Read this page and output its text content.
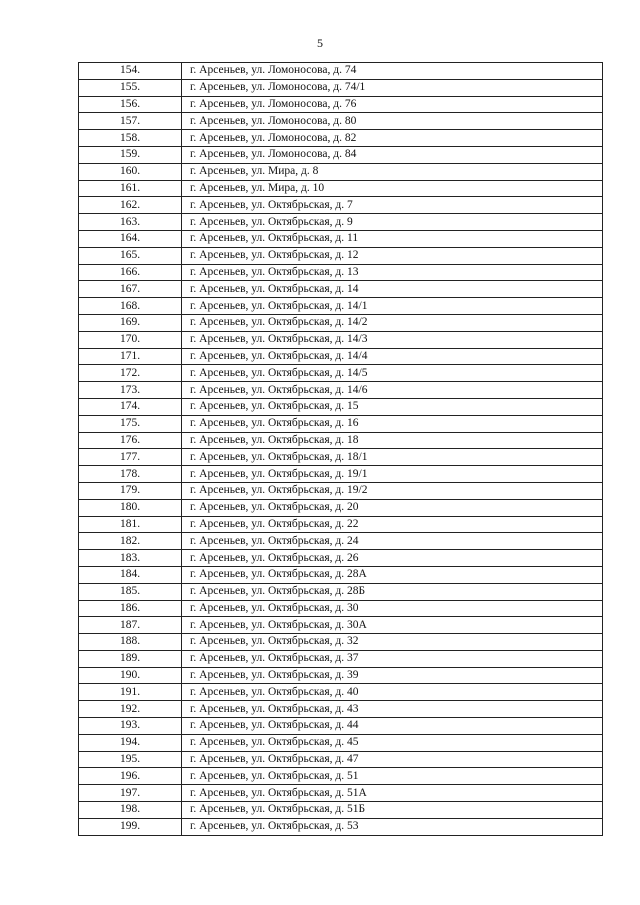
5
154.	г. Арсеньев, ул. Ломоносова, д. 74
155.	г. Арсеньев, ул. Ломоносова, д. 74/1
156.	г. Арсеньев, ул. Ломоносова, д. 76
157.	г. Арсеньев, ул. Ломоносова, д. 80
158.	г. Арсеньев, ул. Ломоносова, д. 82
159.	г. Арсеньев, ул. Ломоносова, д. 84
160.	г. Арсеньев, ул. Мира, д. 8
161.	г. Арсеньев, ул. Мира, д. 10
162.	г. Арсеньев, ул. Октябрьская, д. 7
163.	г. Арсеньев, ул. Октябрьская, д. 9
164.	г. Арсеньев, ул. Октябрьская, д. 11
165.	г. Арсеньев, ул. Октябрьская, д. 12
166.	г. Арсеньев, ул. Октябрьская, д. 13
167.	г. Арсеньев, ул. Октябрьская, д. 14
168.	г. Арсеньев, ул. Октябрьская, д. 14/1
169.	г. Арсеньев, ул. Октябрьская, д. 14/2
170.	г. Арсеньев, ул. Октябрьская, д. 14/3
171.	г. Арсеньев, ул. Октябрьская, д. 14/4
172.	г. Арсеньев, ул. Октябрьская, д. 14/5
173.	г. Арсеньев, ул. Октябрьская, д. 14/6
174.	г. Арсеньев, ул. Октябрьская, д. 15
175.	г. Арсеньев, ул. Октябрьская, д. 16
176.	г. Арсеньев, ул. Октябрьская, д. 18
177.	г. Арсеньев, ул. Октябрьская, д. 18/1
178.	г. Арсеньев, ул. Октябрьская, д. 19/1
179.	г. Арсеньев, ул. Октябрьская, д. 19/2
180.	г. Арсеньев, ул. Октябрьская, д. 20
181.	г. Арсеньев, ул. Октябрьская, д. 22
182.	г. Арсеньев, ул. Октябрьская, д. 24
183.	г. Арсеньев, ул. Октябрьская, д. 26
184.	г. Арсеньев, ул. Октябрьская, д. 28А
185.	г. Арсеньев, ул. Октябрьская, д. 28Б
186.	г. Арсеньев, ул. Октябрьская, д. 30
187.	г. Арсеньев, ул. Октябрьская, д. 30А
188.	г. Арсеньев, ул. Октябрьская, д. 32
189.	г. Арсеньев, ул. Октябрьская, д. 37
190.	г. Арсеньев, ул. Октябрьская, д. 39
191.	г. Арсеньев, ул. Октябрьская, д. 40
192.	г. Арсеньев, ул. Октябрьская, д. 43
193.	г. Арсеньев, ул. Октябрьская, д. 44
194.	г. Арсеньев, ул. Октябрьская, д. 45
195.	г. Арсеньев, ул. Октябрьская, д. 47
196.	г. Арсеньев, ул. Октябрьская, д. 51
197.	г. Арсеньев, ул. Октябрьская, д. 51А
198.	г. Арсеньев, ул. Октябрьская, д. 51Б
199.	г. Арсеньев, ул. Октябрьская, д. 53
